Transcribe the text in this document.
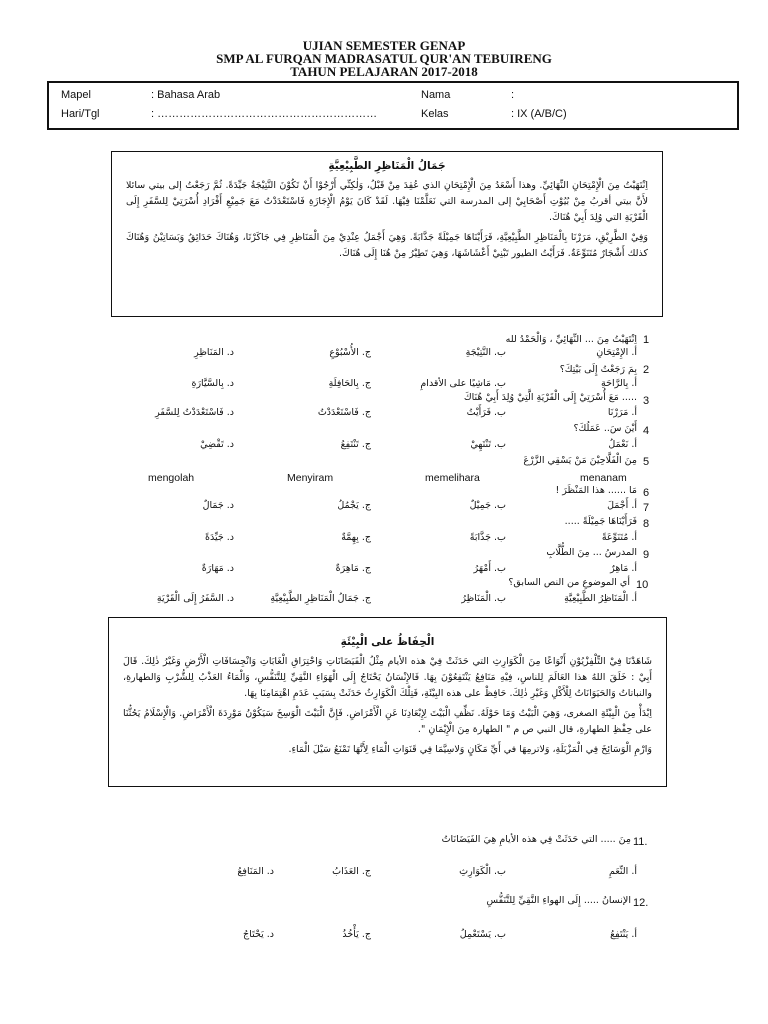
UJIAN SEMESTER GENAP
SMP AL FURQAN MADRASATUL QUR'AN TEBUIRENG
TAHUN PELAJARAN 2017-2018
Mapel	: Bahasa Arab	Nama	:
Hari/Tgl	: ……………………………………………………	Kelas	: IX (A/B/C)
جَمَالُ الْمَنَاظِرِ الطَّبِيْعِيَّةِ

اِنْتَهَيْتُ مِنَ الْإِمْتِحَانِ النِّهَائِيِّ. وهذا أَسْعَدُ مِنَ الْإِمْتِحَانِ الذي عُقِدَ مِنْ قَبْلُ، وَلٰكِنِّي أَرْجُوْا أَنْ تَكُوْنَ النَّتِيْجَةُ جَيِّدَةً. ثُمَّ رَجَعْتُ إلى بيتي سائلا لأَنَّ بيتي أقربُ مِنْ بُيُوْتِ أَصْحَابِيْ إلى المدرسة التي نَعَلَّمْنَا فِيْهَا. لَقَدْ كَانَ يَوْمُ الْإِجَازَةِ فَاسْتَعْدَدْتُ مَعَ جَمِيْعِ أَفْرَادِ أُسْرَتِيْ لِلسَّفَرِ إِلَى الْقَرْيَةِ التي وُلِدَ أَبِيْ هُنَاكَ.

وَفِيْ الطَّرِيْقِ، مَرَرْنَا بِالْمَنَاظِرِ الطَّبِيْعِيَّةِ، فَرَأَيْنَاهَا جَمِيْلَةً جَذَّابَةً. وَهِيَ أَجْمَلُ عِنْدِيْ مِنَ الْمَنَاظِرِ فِي جَاكَرْتَا، وَهُنَاكَ حَدَائِقُ وَبَسَاتِيْنُ وَهُنَاكَ كذلك أَشْجَارٌ مُتَنَوِّعَةٌ. فَرَأَيْتُ الطيور تَبْنِيْ أَعْشَاشَهَا، وَهِيَ تَطِيْرُ مِنْ هُنَا إِلَى هُنَاكَ.

1
اِنْتَهَيْتُ مِنَ ... النِّهَائِيِّ ، وَالْحَمْدُ لله
أ. الإِمْتِحَانِ
ب. النَّتِيْجَةِ
ج. الأُسْبُوْعِ
د. المَنَاظِرِ
2
بِمَ رَجَعْتُ إِلَى بَيْتِكَ؟
أ. بِالرَّاحَةِ
ب. مَاشِيًا على الأقدامِ
ج. بِالحَافِلَةِ
د. بِالسَّيَّارَةِ
3
..... مَعَ أُسْرَتِيْ إِلَى الْقَرْيَةِ الَّتِيْ وُلِدَ أَبِيْ هُنَاكَ
أ. مَرَرْنَا
ب. فَرَأَيْتُ
ج. فَاسْتَعْدَدْتُ
د. فَاسْتَعْدَدْتُ لِلسَّفَرِ
4
أَيْنَ سَ.. عَمَلُكَ؟
أ. نَعْمَلُ
ب. تَنْتَهِيْ
ج. تَنْتَفِعُ
د. تَقْضِيْ
5
مِنَ الْفَلَّاحِيْنَ مَنْ يَسْقِي الزَّرْعَ
menanam
memelihara
Menyiram
mengolah
6
مَا ...... هذا المَنْظَرَ !
7
أ. أَجْمَلَ
ب. جَمِيْلٌ
ج. يَجْمُلُ
د. جَمَالٌ
8
فَرَأَيْنَاهَا جَمِيْلَةً .....
أ. مُتَنَوِّعَةً
ب. جَذَّابَةً
ج. بِهِمَّةٌ
د. جَيِّدَةً
9
المدرسُ ... مِنَ الطُّلَّابِ
أ. مَاهِرٌ
ب. أَمْهَرُ
ج. مَاهِرَةٌ
د. مَهَارَةٌ
10
أي الموضوعِ من النص السابق؟
أ. الْمَنَاظِرُ الطَّبِيْعِيَّةِ
ب. الْمَنَاظِرُ
ج. جَمَالُ الْمَنَاظِرِ الطَّبِيْعِيَّةِ
د. السَّفَرُ إِلَى الْقَرْيَةِ
الْحِفَاظُ على الْبِيْئَةِ

شَاهَدْنَا فِيْ التِّلْفِزْيُوْنِ أَنْوَاعًا مِنَ الْكَوَارِثِ التي حَدَثَتْ فِيْ هذه الأيام مِثْلُ الْفَيَضَانَاتِ وَاحْتِرَاقِ الْغَابَاتِ وَانْجِسَافَاتِ الْأَرْضِ وَغَيْرُ ذٰلِكَ. قَالَ أَبِيْ : خَلَقَ اللهُ هذا العَالَمَ لِلناسِ، فِيْهِ مَنَافِعُ يَنْتَفِعُوْنَ بِهَا. فَالإِنْسَانُ يَحْتَاجُ إِلَى الْهَوَاءِ النَّقِيِّ لِلتَّنَفُّسِ، وَالْمَاءُ العَذْبُ لِلشُّرْبِ وَالطهارةِ، والنباتاتُ وَالحَيَوَانَاتُ لِلْأَكْلِ وَغَيْرِ ذٰلِكَ. حَافِظْ على هذه البِيْئَةِ، فَتِلْكَ الْكَوَارِثُ حَدَثَتْ بِسَبَبِ عَدَمِ اهْتِمَامِنَا بِهَا.

اِبْدَأْ مِنَ الْبِيْئَةِ الصغرى، وَهِيَ الْبَيْتُ وَمَا حَوْلَهُ. نَظِّفِ الْبَيْتَ لِإِبْعَادِنَا عَنِ الْأَمْرَاضِ. فَإِنَّ الْبَيْتَ الْوَسِخَ سَيَكُوْنُ مَوْرِدَةَ الْأَمْرَاضِ. وَالْإِسْلَامُ يَحُثُّنَا على حِفْظِ الطهارةِ، قال النبي ص م " الطهارة مِنَ الْإِيْمَانِ ".

وَارْمِ الْوَسَائِخَ فِي الْمَزْبَلَةِ، وَلاترمِهَا في أَيِّ مَكَانٍ وَلاسِيَّمَا فِي قَنَوَاتِ الْمَاءِ لِأَنَّهَا تَمْنَعُ سَيْلَ الْمَاءِ.

11.
مِنَ ..... التي حَدَثَتْ فِي هذه الأيامِ هِيَ الفَيَضَانَاتُ
أ. النِّعَمِ
ب. الْكَوَارِثِ
ج. العَذَابُ
د. المَنَافِعُ
12.
الإنسانُ ..... إِلَى الهواءِ النَّقِيِّ لِلتَّنَفُّسِ
أ. يَنْتَفِعُ
ب. يَسْتَعْمِلُ
ج. يَأْخُذُ
د. يَحْتَاجُ
